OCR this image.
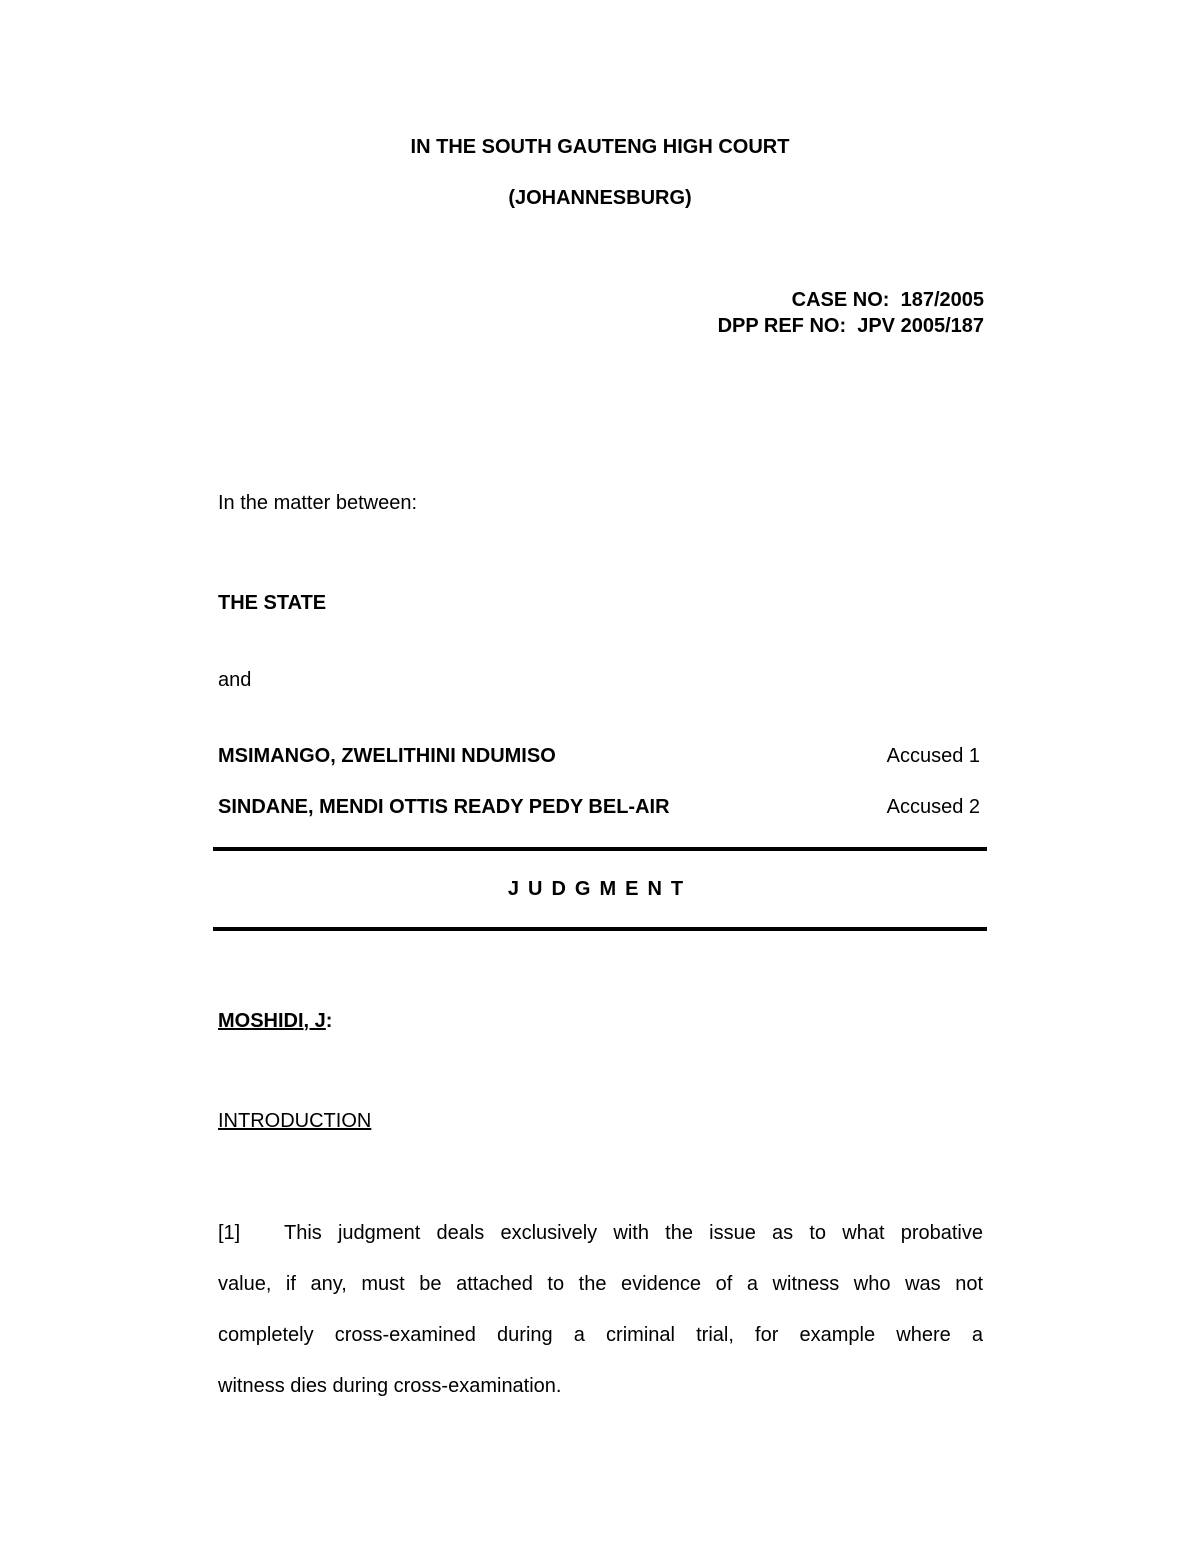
IN THE SOUTH GAUTENG HIGH COURT

(JOHANNESBURG)

CASE NO:  187/2005
DPP REF NO:  JPV 2005/187

In the matter between:

THE STATE

and

MSIMANGO, ZWELITHINI NDUMISO	Accused 1

SINDANE, MENDI OTTIS READY PEDY BEL-AIR	Accused 2

JUDGMENT

MOSHIDI, J:

INTRODUCTION

[1] This judgment deals exclusively with the issue as to what probative

value, if any, must be attached to the evidence of a witness who was not

completely cross-examined during a criminal trial, for example where a

witness dies during cross-examination.
